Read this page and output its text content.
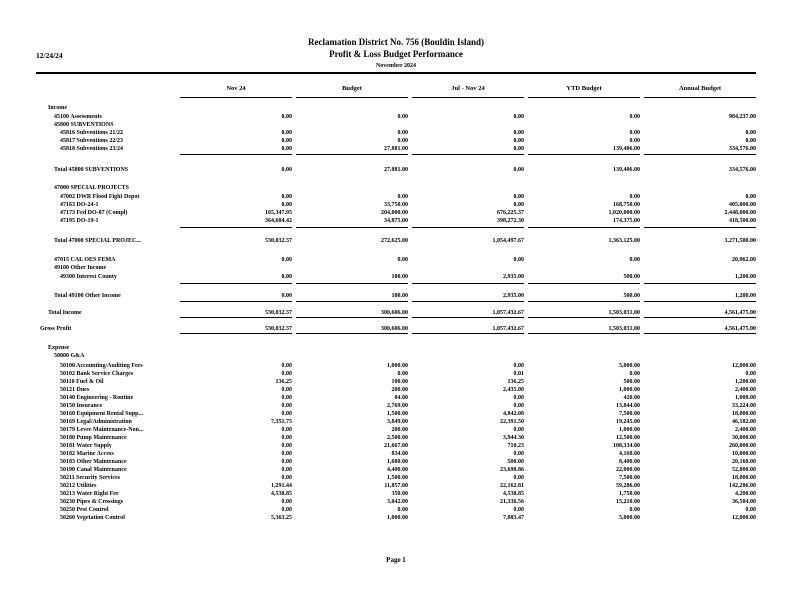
12/24/24
Reclamation District No. 756 (Bouldin Island)
Profit & Loss Budget Performance
November 2024
Nov 24	Budget	Jul - Nov 24	YTD Budget	Annual Budget
Income
45100 Assessments	0.00	0.00	0.00	0.00	984,237.00
45800 SUBVENTIONS
45816 Subventions 21/22	0.00	0.00	0.00	0.00	0.00
45817 Subventions 22/23	0.00	0.00	0.00	0.00	0.00
45818 Subventions 23/24	0.00	27,881.00	0.00	139,406.00	334,576.00
Total 45800 SUBVENTIONS	0.00	27,881.00	0.00	139,406.00	334,576.00
47000 SPECIAL PROJECTS
47002 DWR Flood Fight Depot	0.00	0.00	0.00	0.00	0.00
47163 DO-24-1	0.00	33,750.00	0.00	168,750.00	405,000.00
47173 Fed DO-87 (Compl)	165,347.95	204,000.00	676,225.37	1,020,000.00	2,448,000.00
47195 DO-19-1	364,684.42	34,875.00	398,272.30	174,375.00	418,500.00
Total 47000 SPECIAL PROJEC...	530,032.37	272,625.00	1,054,497.67	1,363,125.00	3,271,500.00
47015 CAL OES FEMA	0.00	0.00	0.00	0.00	20,962.00
49100 Other Income
49300 Interest County	0.00	100.00	2,935.00	500.00	1,200.00
Total 49100 Other Income	0.00	100.00	2,935.00	500.00	1,200.00
Total Income	530,032.37	300,606.00	1,057,432.67	1,503,031.00	4,561,475.00
Gross Profit	530,032.37	300,606.00	1,057,432.67	1,503,031.00	4,561,475.00
Expense
50000 G&A
50100 Accounting/Auditing Fees	0.00	1,000.00	0.00	5,000.00	12,000.00
50102 Bank Service Charges	0.00	0.00	0.01	0.00	0.00
50110 Fuel & Oil	136.25	100.00	136.25	500.00	1,200.00
50121 Dues	0.00	200.00	2,435.00	1,000.00	2,400.00
50140 Engineering - Routine	0.00	84.00	0.00	420.00	1,008.00
50150 Insurance	0.00	2,769.00	0.00	13,844.00	33,224.00
50160 Equipment Rental Supp...	0.00	1,500.00	4,842.08	7,500.00	18,000.00
50169 Legal/Administration	7,351.75	3,849.00	22,391.50	19,245.00	46,182.00
50179 Levee Maintenance-Non...	0.00	200.00	0.00	1,000.00	2,400.00
50180 Pump Maintenance	0.00	2,500.00	3,944.30	12,500.00	30,000.00
50181 Water Supply	0.00	21,667.00	710.23	108,334.00	260,000.00
50182 Marine Access	0.00	834.00	0.00	4,168.00	10,000.00
50183 Other Maintenance	0.00	1,680.00	500.00	8,400.00	20,160.00
50190 Canal Maintenance	0.00	4,400.00	23,698.86	22,000.00	52,800.00
50211 Security Services	0.00	1,500.00	0.00	7,500.00	18,000.00
50212 Utilities	1,291.44	11,857.00	22,162.81	59,286.00	142,286.00
50213 Water Right Fee	4,538.85	350.00	4,538.85	1,750.00	4,200.00
50230 Pipes & Crossings	0.00	3,042.00	21,336.56	15,210.00	36,504.00
50250 Pest Control	0.00	0.00	0.00	0.00	0.00
50260 Vegetation Control	5,363.25	1,000.00	7,083.47	5,000.00	12,000.00
Page 1
